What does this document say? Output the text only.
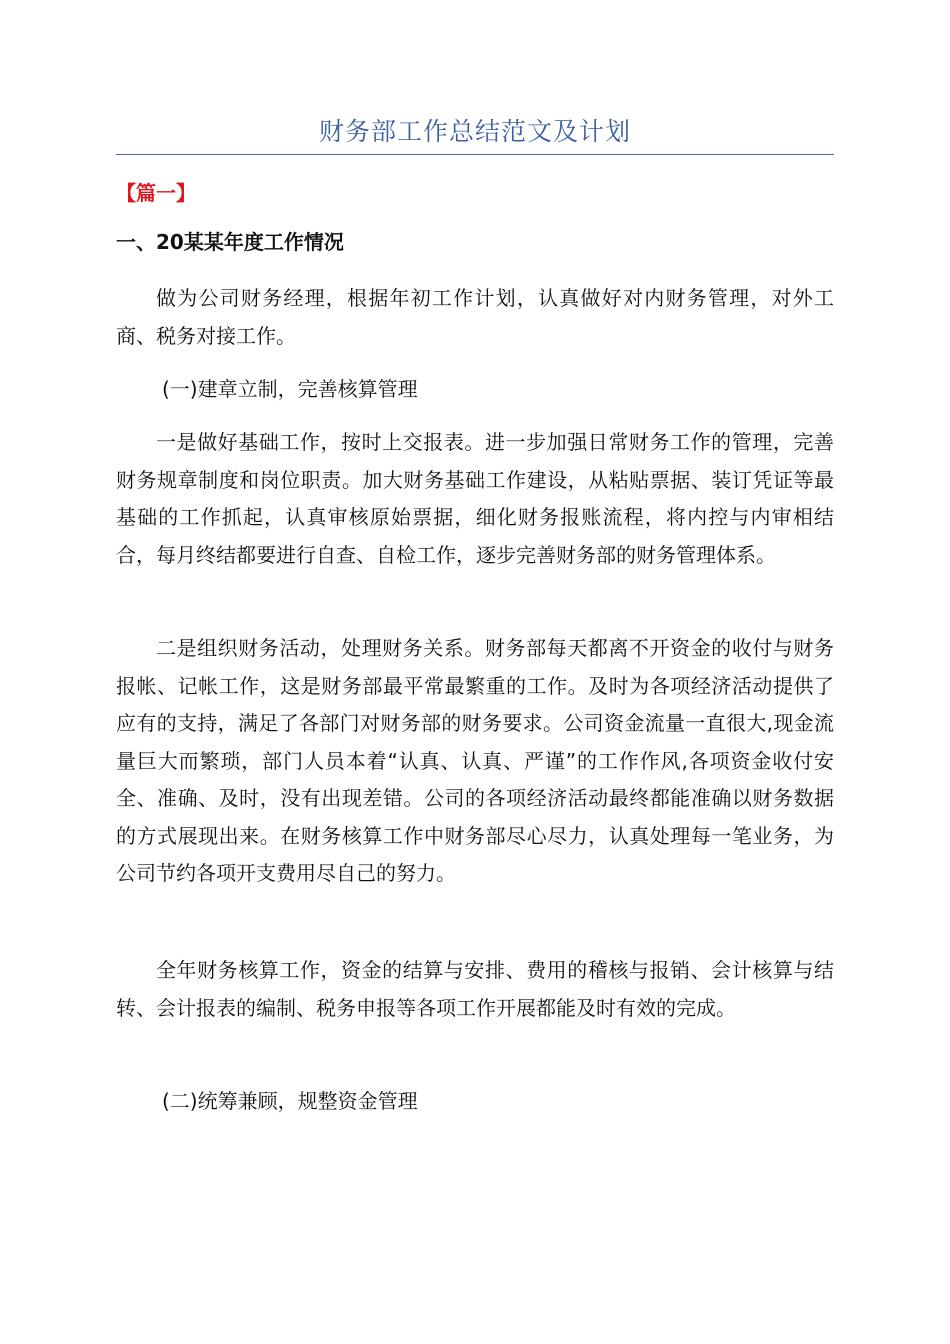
财务部工作总结范文及计划
【篇一】
一、20某某年度工作情况

做为公司财务经理，根据年初工作计划，认真做好对内财务管理，对外工商、税务对接工作。

(一)建章立制，完善核算管理

一是做好基础工作，按时上交报表。进一步加强日常财务工作的管理，完善财务规章制度和岗位职责。加大财务基础工作建设，从粘贴票据、装订凭证等最基础的工作抓起，认真审核原始票据，细化财务报账流程，将内控与内审相结合，每月终结都要进行自查、自检工作，逐步完善财务部的财务管理体系。

二是组织财务活动，处理财务关系。财务部每天都离不开资金的收付与财务报帐、记帐工作，这是财务部最平常最繁重的工作。及时为各项经济活动提供了应有的支持，满足了各部门对财务部的财务要求。公司资金流量一直很大,现金流量巨大而繁琐，部门人员本着“认真、认真、严谨”的工作作风,各项资金收付安全、准确、及时，没有出现差错。公司的各项经济活动最终都能准确以财务数据的方式展现出来。在财务核算工作中财务部尽心尽力，认真处理每一笔业务，为公司节约各项开支费用尽自己的努力。

全年财务核算工作，资金的结算与安排、费用的稽核与报销、会计核算与结转、会计报表的编制、税务申报等各项工作开展都能及时有效的完成。

(二)统筹兼顾，规整资金管理
